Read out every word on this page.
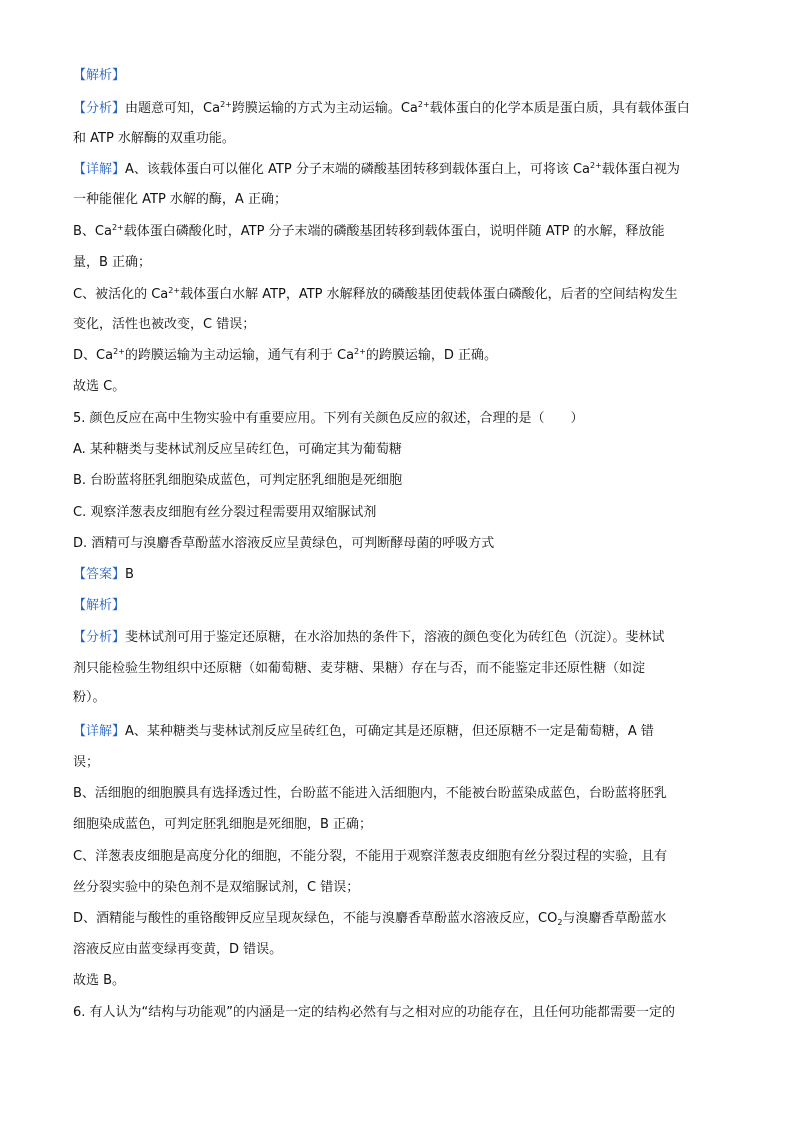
【解析】
【分析】由题意可知，$Ca^{2+}$跨膜运输的方式为主动运输。$Ca^{2+}$载体蛋白的化学本质是蛋白质，具有载体蛋白
和 ATP 水解酶的双重功能。
【详解】A、该载体蛋白可以催化 ATP 分子末端的磷酸基团转移到载体蛋白上，可将该 $Ca^{2+}$载体蛋白视为
一种能催化 ATP 水解的酶，A 正确；
B、$Ca^{2+}$载体蛋白磷酸化时，ATP 分子末端的磷酸基团转移到载体蛋白，说明伴随 ATP 的水解，释放能
量，B 正确；
C、被活化的 $Ca^{2+}$载体蛋白水解 ATP，ATP 水解释放的磷酸基团使载体蛋白磷酸化，后者的空间结构发生
变化，活性也被改变，C 错误；
D、$Ca^{2+}$的跨膜运输为主动运输，通气有利于 $Ca^{2+}$的跨膜运输，D 正确。
故选 C。
5. 颜色反应在高中生物实验中有重要应用。下列有关颜色反应的叙述，合理的是（　　）
A. 某种糖类与斐林试剂反应呈砖红色，可确定其为葡萄糖
B. 台盼蓝将胚乳细胞染成蓝色，可判定胚乳细胞是死细胞
C. 观察洋葱表皮细胞有丝分裂过程需要用双缩脲试剂
D. 酒精可与溴麝香草酚蓝水溶液反应呈黄绿色，可判断酵母菌的呼吸方式
【答案】B
【解析】
【分析】斐林试剂可用于鉴定还原糖，在水浴加热的条件下，溶液的颜色变化为砖红色（沉淀）。斐林试
剂只能检验生物组织中还原糖（如葡萄糖、麦芽糖、果糖）存在与否，而不能鉴定非还原性糖（如淀
粉）。
【详解】A、某种糖类与斐林试剂反应呈砖红色，可确定其是还原糖，但还原糖不一定是葡萄糖，A 错
误；
B、活细胞的细胞膜具有选择透过性，台盼蓝不能进入活细胞内，不能被台盼蓝染成蓝色，台盼蓝将胚乳
细胞染成蓝色，可判定胚乳细胞是死细胞，B 正确；
C、洋葱表皮细胞是高度分化的细胞，不能分裂，不能用于观察洋葱表皮细胞有丝分裂过程的实验，且有
丝分裂实验中的染色剂不是双缩脲试剂，C 错误；
D、酒精能与酸性的重铬酸钾反应呈现灰绿色，不能与溴麝香草酚蓝水溶液反应，$CO_2$与溴麝香草酚蓝水
溶液反应由蓝变绿再变黄，D 错误。
故选 B。
6. 有人认为“结构与功能观”的内涵是一定的结构必然有与之相对应的功能存在，且任何功能都需要一定的
